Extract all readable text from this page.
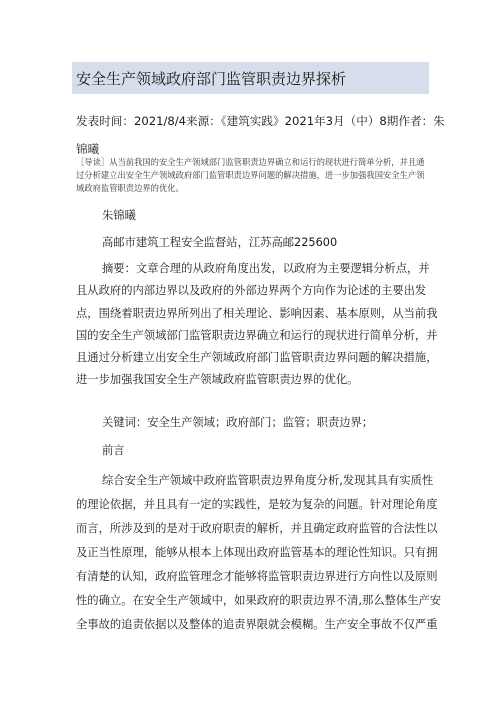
安全生产领域政府部门监管职责边界探析
发表时间：2021/8/4来源：《建筑实践》2021年3月（中）8期作者：朱
锦曦
［导读］从当前我国的安全生产领域部门监管职责边界确立和运行的现状进行简单分析，并且通过分析建立出安全生产领域政府部门监管职责边界问题的解决措施，进一步加强我国安全生产领域政府监管职责边界的优化。
朱锦曦
高邮市建筑工程安全监督站，江苏高邮225600
摘要：文章合理的从政府角度出发，以政府为主要逻辑分析点，并
且从政府的内部边界以及政府的外部边界两个方向作为论述的主要出发
点，围绕着职责边界所列出了相关理论、影响因素、基本原则，从当前我
国的安全生产领域部门监管职责边界确立和运行的现状进行简单分析，并
且通过分析建立出安全生产领域政府部门监管职责边界问题的解决措施，
进一步加强我国安全生产领域政府监管职责边界的优化。
关键词：安全生产领域；政府部门；监管；职责边界；
前言
综合安全生产领域中政府监管职责边界角度分析,发现其具有实质性
的理论依据，并且具有一定的实践性，是较为复杂的问题。针对理论角度
而言，所涉及到的是对于政府职责的解析，并且确定政府监管的合法性以
及正当性原理，能够从根本上体现出政府监管基本的理论性知识。只有拥
有清楚的认知，政府监管理念才能够将监管职责边界进行方向性以及原则
性的确立。在安全生产领域中，如果政府的职责边界不清,那么整体生产安
全事故的追责依据以及整体的追责界限就会模糊。生产安全事故不仅严重
